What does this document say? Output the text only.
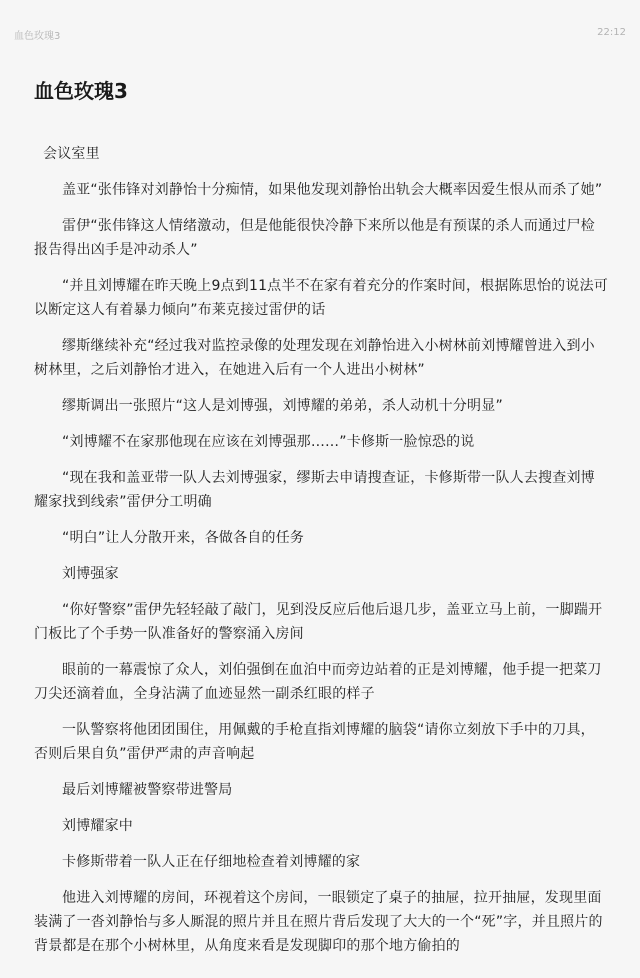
血色玫瑰3	22:12
血色玫瑰3

会议室里

盖亚“张伟锋对刘静怡十分痴情，如果他发现刘静怡出轨会大概率因爱生恨从而杀了她”

雷伊“张伟锋这人情绪激动，但是他能很快冷静下来所以他是有预谋的杀人而通过尸检报告得出凶手是冲动杀人”

“并且刘博耀在昨天晚上9点到11点半不在家有着充分的作案时间，根据陈思怡的说法可以断定这人有着暴力倾向”布莱克接过雷伊的话

缪斯继续补充“经过我对监控录像的处理发现在刘静怡进入小树林前刘博耀曾进入到小树林里，之后刘静怡才进入，在她进入后有一个人进出小树林”

缪斯调出一张照片“这人是刘博强，刘博耀的弟弟，杀人动机十分明显”

“刘博耀不在家那他现在应该在刘博强那……”卡修斯一脸惊恐的说

“现在我和盖亚带一队人去刘博强家，缪斯去申请搜查证，卡修斯带一队人去搜查刘博耀家找到线索”雷伊分工明确

“明白”让人分散开来，各做各自的任务

刘博强家

“你好警察”雷伊先轻轻敲了敲门，见到没反应后他后退几步，盖亚立马上前，一脚踹开门板比了个手势一队准备好的警察涌入房间

眼前的一幕震惊了众人，刘伯强倒在血泊中而旁边站着的正是刘博耀，他手提一把菜刀刀尖还滴着血，全身沾满了血迹显然一副杀红眼的样子

一队警察将他团团围住，用佩戴的手枪直指刘博耀的脑袋“请你立刻放下手中的刀具，否则后果自负”雷伊严肃的声音响起

最后刘博耀被警察带进警局

刘博耀家中

卡修斯带着一队人正在仔细地检查着刘博耀的家

他进入刘博耀的房间，环视着这个房间，一眼锁定了桌子的抽屉，拉开抽屉，发现里面装满了一沓刘静怡与多人厮混的照片并且在照片背后发现了大大的一个“死”字，并且照片的背景都是在那个小树林里，从角度来看是发现脚印的那个地方偷拍的
